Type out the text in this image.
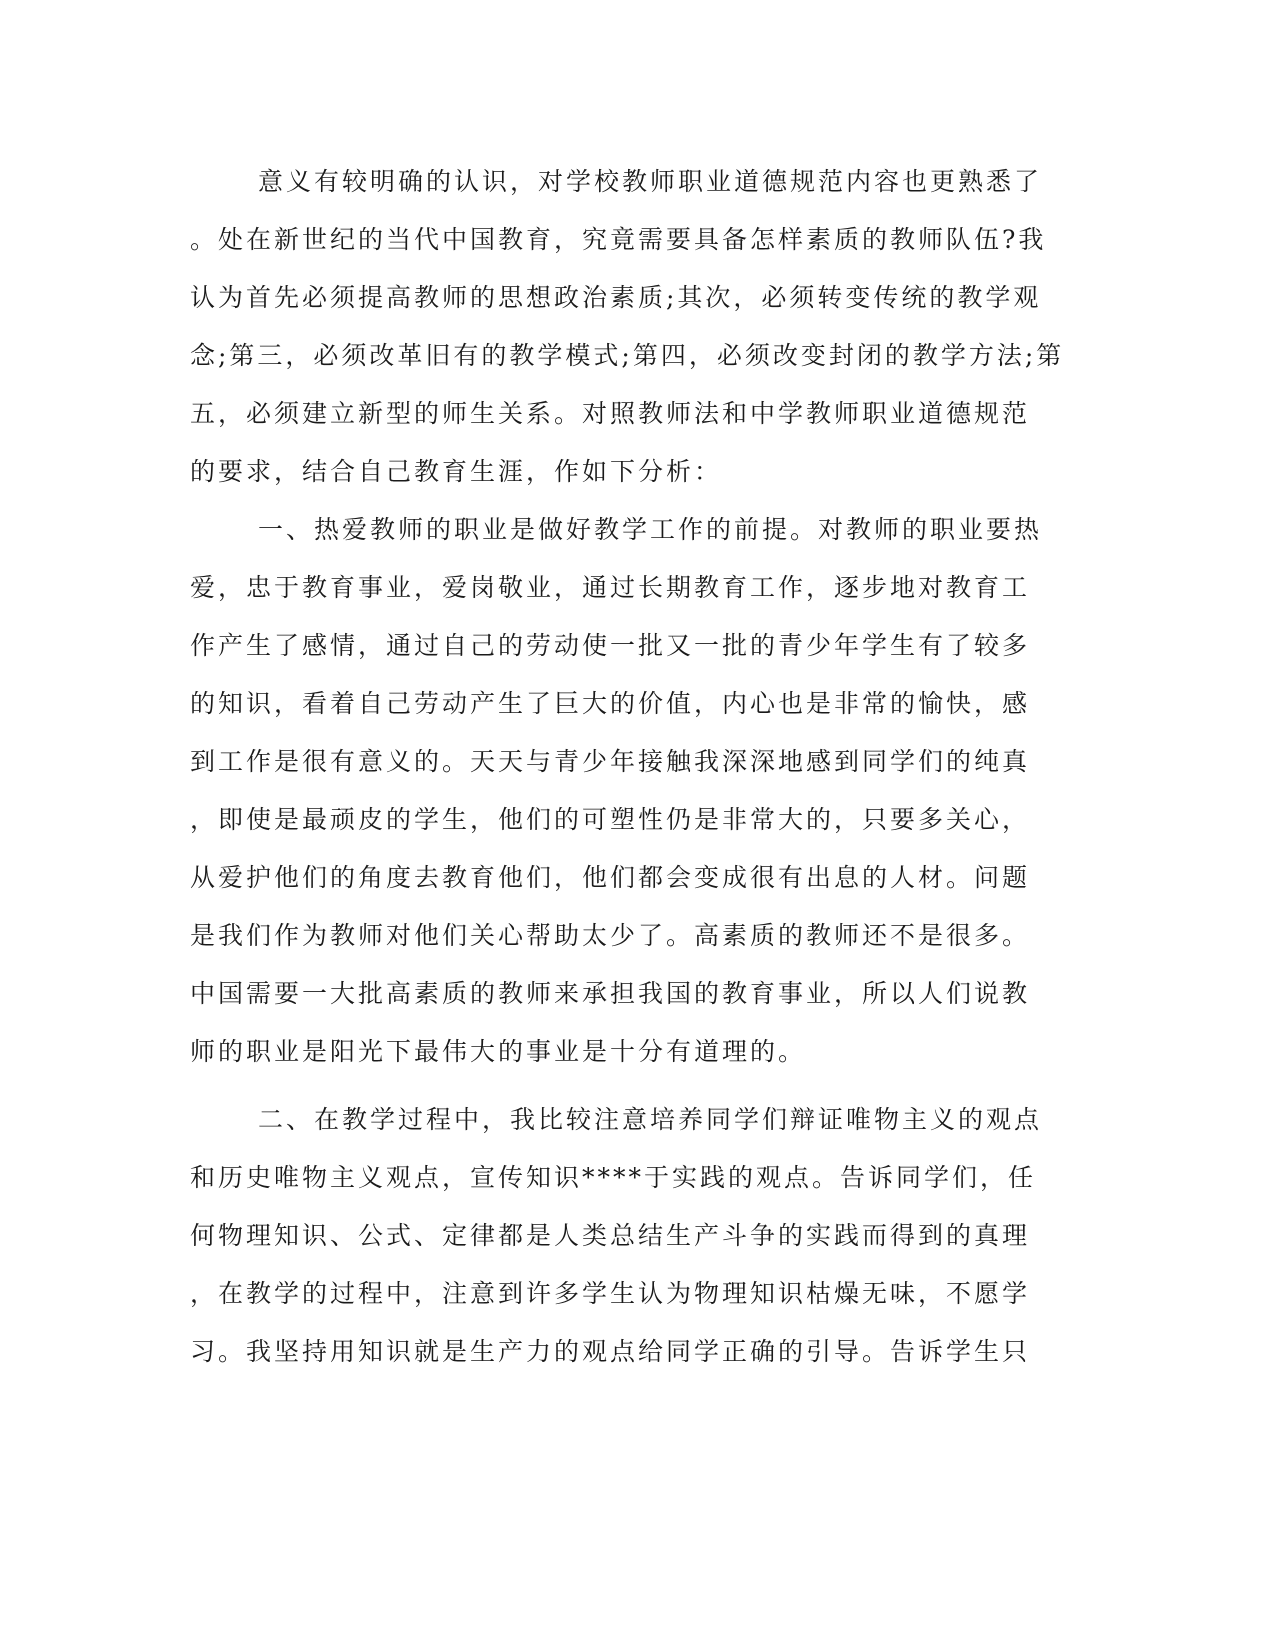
意义有较明确的认识，对学校教师职业道德规范内容也更熟悉了
。处在新世纪的当代中国教育，究竟需要具备怎样素质的教师队伍?我
认为首先必须提高教师的思想政治素质;其次，必须转变传统的教学观
念;第三，必须改革旧有的教学模式;第四，必须改变封闭的教学方法;第
五，必须建立新型的师生关系。对照教师法和中学教师职业道德规范
的要求，结合自己教育生涯，作如下分析：
一、热爱教师的职业是做好教学工作的前提。对教师的职业要热
爱，忠于教育事业，爱岗敬业，通过长期教育工作，逐步地对教育工
作产生了感情，通过自己的劳动使一批又一批的青少年学生有了较多
的知识，看着自己劳动产生了巨大的价值，内心也是非常的愉快，感
到工作是很有意义的。天天与青少年接触我深深地感到同学们的纯真
，即使是最顽皮的学生，他们的可塑性仍是非常大的，只要多关心，
从爱护他们的角度去教育他们，他们都会变成很有出息的人材。问题
是我们作为教师对他们关心帮助太少了。高素质的教师还不是很多。
中国需要一大批高素质的教师来承担我国的教育事业，所以人们说教
师的职业是阳光下最伟大的事业是十分有道理的。
二、在教学过程中，我比较注意培养同学们辩证唯物主义的观点
和历史唯物主义观点，宣传知识****于实践的观点。告诉同学们，任
何物理知识、公式、定律都是人类总结生产斗争的实践而得到的真理
，在教学的过程中，注意到许多学生认为物理知识枯燥无味，不愿学
习。我坚持用知识就是生产力的观点给同学正确的引导。告诉学生只
